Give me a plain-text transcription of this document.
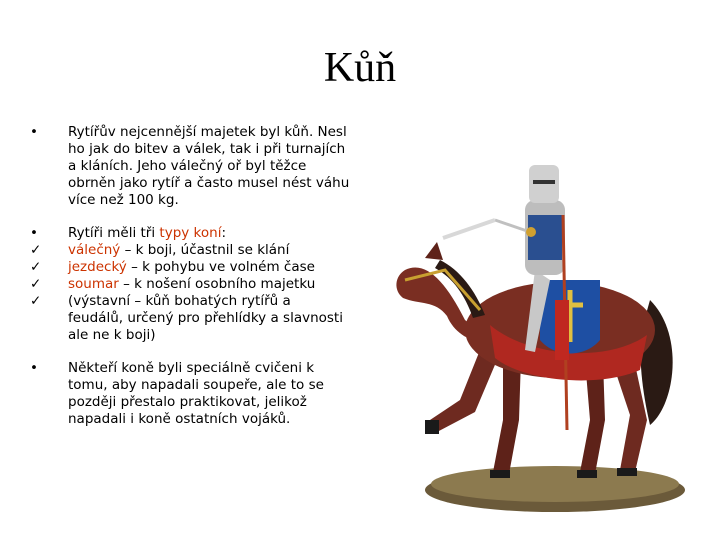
Kůň
•	Rytířův nejcennější majetek byl kůň. Nesl ho jak do bitev a válek, tak i při turnajích a kláních. Jeho válečný oř byl těžce obrněn jako rytíř a často musel nést váhu více než 100 kg.
•	Rytíři měli tři typy koní:
✓	válečný – k boji, účastnil se klání
✓	jezdecký – k pohybu ve volném čase
✓	soumar – k nošení osobního majetku
✓	(výstavní – kůň bohatých rytířů a feudálů, určený pro přehlídky a slavnosti ale ne k boji)
•	Někteří koně byli speciálně cvičeni k tomu, aby napadali soupeře, ale to se později přestalo praktikovat, jelikož napadali i koně ostatních vojáků.
